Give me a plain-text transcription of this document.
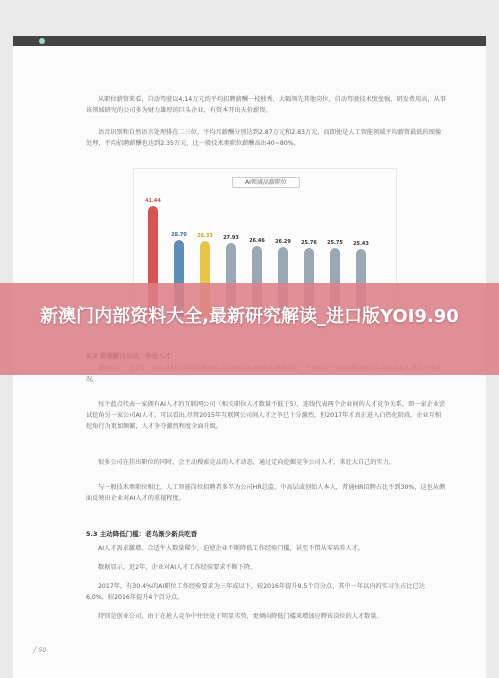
从职位薪资来看，自动驾驶以4.14万元的平均招聘薪酬一枝独秀，大幅领先其他岗位，自动驾驶技术壁垒强、研发费用高，从事该领域研究的公司多为财力雄厚的巨头企业，有资本开出天价薪资。
语音识别和自然语言处理排在二三位，平均月薪酬分别达到2.87万元和2.83万元，而即使是人工智能领域平均薪资最低的图像处理，平均招聘薪酬也达到2.35万元，比一般技术类职位薪酬高出40~80%。
AI领域高薪职位
41.44
28.70	26.33	27.93
26.46	26.29	25.76	25.75	25.43
况。
每个蓝点代表一家拥有AI人才的互联网公司（相关职位人才数量不低于5），连线代表两个企业间的人才竞争关系，即一家企业尝试挖角另一家公司AI人才。可以看出,尽管2015年互联网公司间人才之争已十分激烈，但2017年才真正进入白热化阶段，企业互相挖角行为更加频繁，人才争夺激烈程度全面升级。
很多公司在挂出职位的同时，会主动搜索竞品的人才动态，通过定向挖掘竞争公司人才，来壮大自己的实力。
与一般技术类职位相比，人工智能岗位招聘者多半为公司HR总监、中高层或创始人本人，普通HR招聘占比不到30%，这也从侧面反映出企业对AI人才的重视程度。
5.3 主动降低门槛：老鸟渐少新兵吃香
AI人才需求激增，合适牛人数量稀少，迫使企业不断降低工作经验门槛，甚至不惜从零培养人才。
数据显示，近2年，企业对AI人才工作经验要求不断下降。
2017年，有30.4%的AI职位工作经验要求为三年或以下，较2016年提升9.5个百分点，其中一年以内的实习生占比已达6.0%，较2016年提升4个百分点。
特别是创业公司，由于在抢人竞争中往往处于明显劣势，更倾向降低门槛来增加应聘该岗位的人才数量。
╱ 50
新澳门内部资料大全,最新研究解读_进口版YOI9.90
